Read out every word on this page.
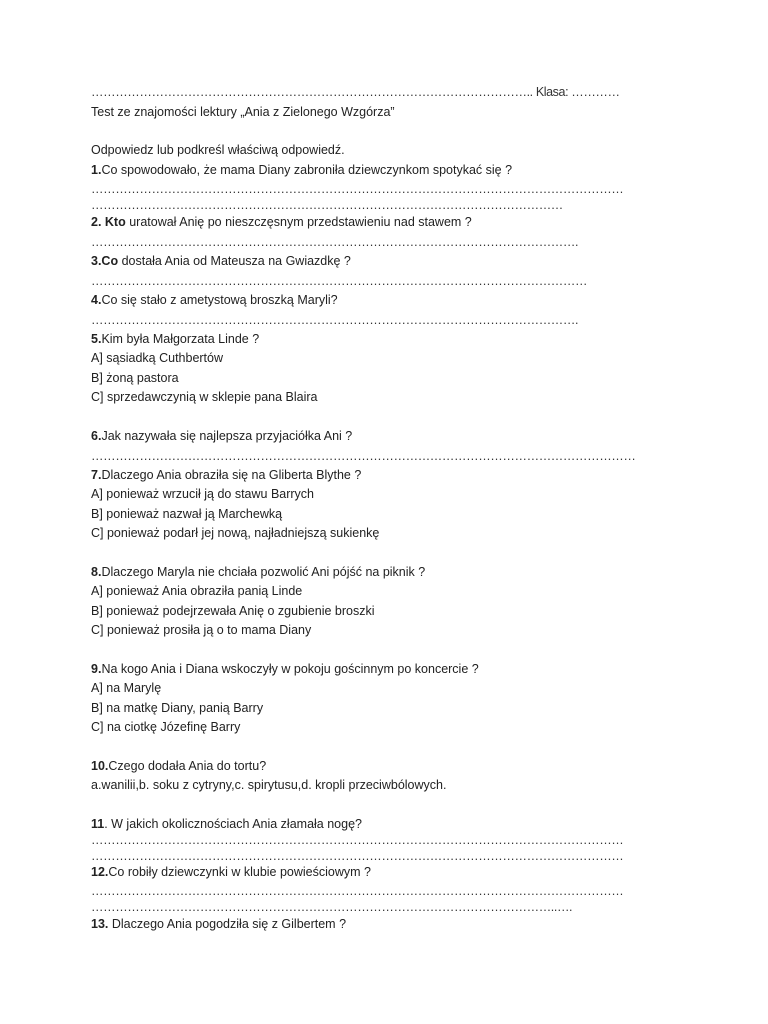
……………………………………………………………………………………………….. Klasa: …………
Test ze znajomości lektury „Ania z Zielonego Wzgórza”
Odpowiedz lub podkreśl właściwą odpowiedź.
1.Co spowodowało, że mama Diany zabroniła dziewczynkom spotykać się ?
……………………………………………………………………………………………………………………
………………………………………………………………………………………………………
2. Kto uratował Anię po nieszczęsnym przedstawieniu nad stawem ?
………………………………………………………………………………………………………….
3.Co dostała Ania od Mateusza na Gwiazdkę ?
……………………………………………………………………………………………………………
4.Co się stało z ametystową broszką Maryli?
………………………………………………………………………………………………………….
5.Kim była Małgorzata Linde ?
A] sąsiadką Cuthbertów
B] żoną pastora
C] sprzedawczynią w sklepie pana Blaira
6.Jak nazywała się najlepsza przyjaciółka Ani ?
………………………………………………………………………………………………………………………
7.Dlaczego Ania obraziła się na Gliberta Blythe ?
A] ponieważ wrzucił ją do stawu Barrych
B] ponieważ nazwał ją Marchewką
C] ponieważ podarł jej nową, najładniejszą sukienkę
8.Dlaczego Maryla nie chciała pozwolić Ani pójść na piknik ?
A] ponieważ Ania obraziła panią Linde
B] ponieważ podejrzewała Anię o zgubienie broszki
C] ponieważ prosiła ją o to mama Diany
9.Na kogo Ania i Diana wskoczyły w pokoju gościnnym po koncercie ?
A] na Marylę
B] na matkę Diany, panią Barry
C] na ciotkę Józefinę Barry
10.Czego dodała Ania do tortu?
a.wanilii,b. soku z cytryny,c. spirytusu,d. kropli przeciwbólowych.
11. W jakich okolicznościach Ania złamała nogę?
……………………………………………………………………………………………………………………
……………………………………………………………………………………………………………………
12.Co robiły dziewczynki w klubie powieściowym ?
……………………………………………………………………………………………………………………
……………………………………………………………………………………………………..….
13. Dlaczego Ania pogodziła się z Gilbertem ?
